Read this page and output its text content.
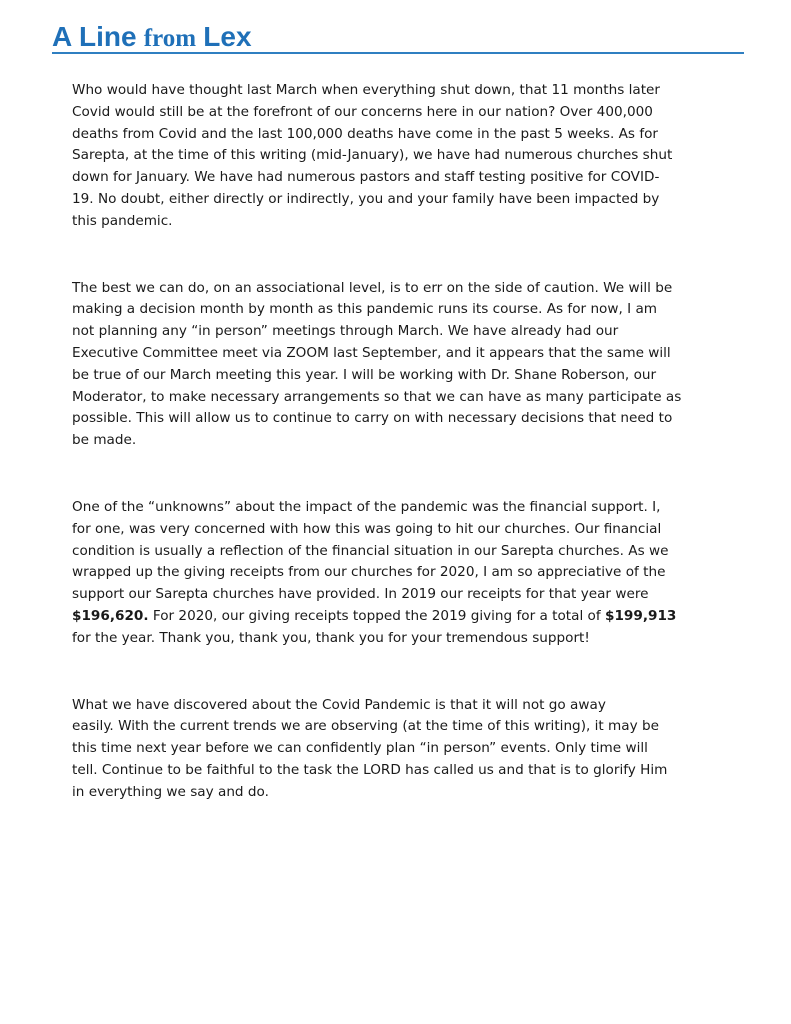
A Line from Lex

Who would have thought last March when everything shut down, that 11 months later
Covid would still be at the forefront of our concerns here in our nation? Over 400,000
deaths from Covid and the last 100,000 deaths have come in the past 5 weeks. As for
Sarepta, at the time of this writing (mid-January), we have had numerous churches shut
down for January. We have had numerous pastors and staff testing positive for COVID-
19. No doubt, either directly or indirectly, you and your family have been impacted by
this pandemic.

The best we can do, on an associational level, is to err on the side of caution. We will be
making a decision month by month as this pandemic runs its course. As for now, I am
not planning any “in person” meetings through March. We have already had our
Executive Committee meet via ZOOM last September, and it appears that the same will
be true of our March meeting this year. I will be working with Dr. Shane Roberson, our
Moderator, to make necessary arrangements so that we can have as many participate as
possible. This will allow us to continue to carry on with necessary decisions that need to
be made.

One of the “unknowns” about the impact of the pandemic was the financial support. I,
for one, was very concerned with how this was going to hit our churches. Our financial
condition is usually a reflection of the financial situation in our Sarepta churches. As we
wrapped up the giving receipts from our churches for 2020, I am so appreciative of the
support our Sarepta churches have provided. In 2019 our receipts for that year were
$196,620. For 2020, our giving receipts topped the 2019 giving for a total of $199,913
for the year. Thank you, thank you, thank you for your tremendous support!

What we have discovered about the Covid Pandemic is that it will not go away
easily. With the current trends we are observing (at the time of this writing), it may be
this time next year before we can confidently plan “in person” events. Only time will
tell. Continue to be faithful to the task the LORD has called us and that is to glorify Him
in everything we say and do.
